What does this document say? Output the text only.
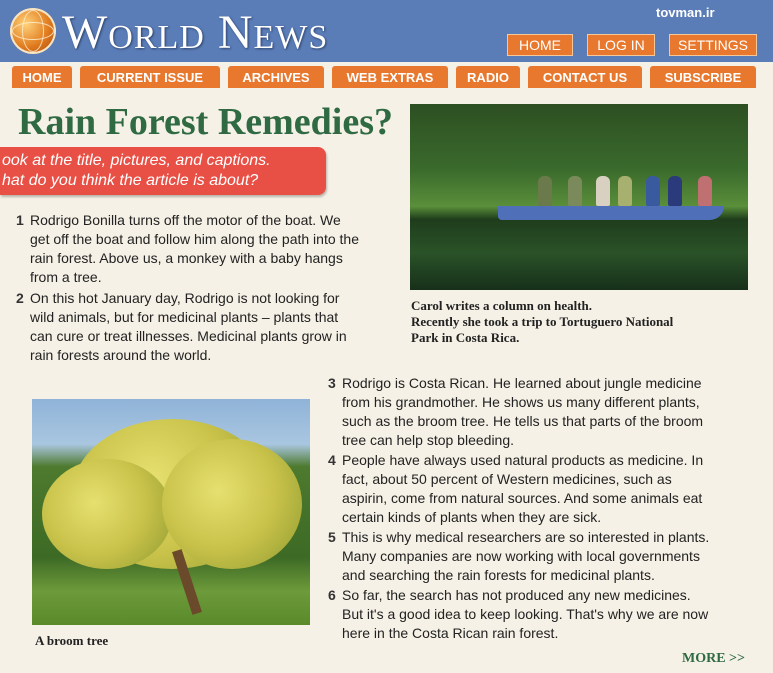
World News	tovman.ir
HOME	LOG IN	SETTINGS
HOME	CURRENT ISSUE	ARCHIVES	WEB EXTRAS	RADIO	CONTACT US	SUBSCRIBE
Rain Forest Remedies?
ook at the title, pictures, and captions.
hat do you think the article is about?
1 Rodrigo Bonilla turns off the motor of the boat. We
get off the boat and follow him along the path into the
rain forest. Above us, a monkey with a baby hangs
from a tree.
2 On this hot January day, Rodrigo is not looking for
wild animals, but for medicinal plants – plants that
can cure or treat illnesses. Medicinal plants grow in
rain forests around the world.
Carol writes a column on health.
Recently she took a trip to Tortuguero National
Park in Costa Rica.
A broom tree
3 Rodrigo is Costa Rican. He learned about jungle medicine
from his grandmother. He shows us many different plants,
such as the broom tree. He tells us that parts of the broom
tree can help stop bleeding.
4 People have always used natural products as medicine. In
fact, about 50 percent of Western medicines, such as
aspirin, come from natural sources. And some animals eat
certain kinds of plants when they are sick.
5 This is why medical researchers are so interested in plants.
Many companies are now working with local governments
and searching the rain forests for medicinal plants.
6 So far, the search has not produced any new medicines.
But it's a good idea to keep looking. That's why we are now
here in the Costa Rican rain forest.
MORE >>
